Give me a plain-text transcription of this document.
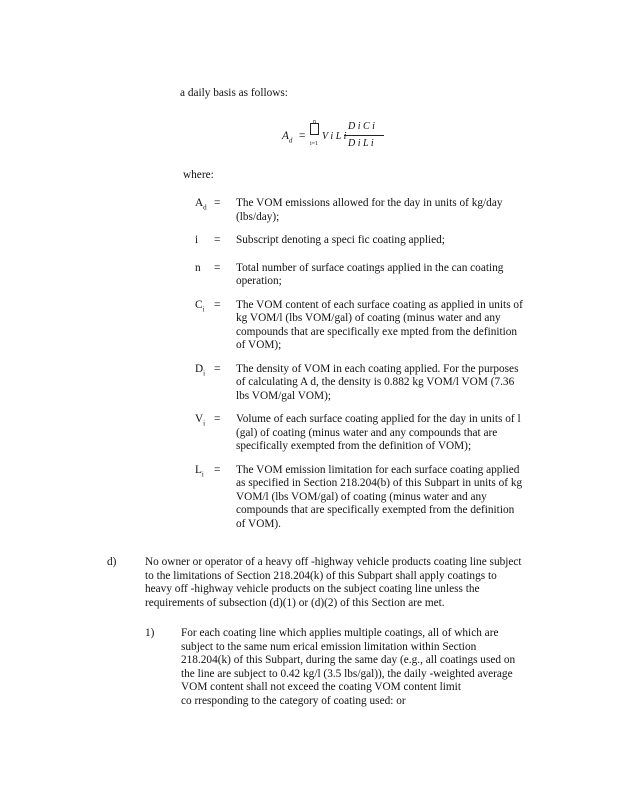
a daily basis as follows:
$A_d$ =
n
i=1
V i L i
D i C i
D i L i
where:
$A_d$ =	The VOM emissions allowed for the day in units of kg/day
(lbs/day);
i	=	Subscript denoting a speci fic coating applied;
n	=	Total number of surface coatings applied in the can coating
operation;
$C_i$ =	The VOM content of each surface coating as applied in units of
kg VOM/l (lbs VOM/gal) of coating (minus water and any
compounds that are specifically exe mpted from the definition
of VOM);
$D_i$ =	The density of VOM in each coating applied. For the purposes
of calculating A d, the density is 0.882 kg VOM/l VOM (7.36
lbs VOM/gal VOM);
$V_i$ =	Volume of each surface coating applied for the day in units of l
(gal) of coating (minus water and any compounds that are
specifically exempted from the definition of VOM);
$L_i$ =	The VOM emission limitation for each surface coating applied
as specified in Section 218.204(b) of this Subpart in units of kg
VOM/l (lbs VOM/gal) of coating (minus water and any
compounds that are specifically exempted from the definition
of VOM).
d)	No owner or operator of a heavy off -highway vehicle products coating line subject
to the limitations of Section 218.204(k) of this Subpart shall apply coatings to
heavy off -highway vehicle products on the subject coating line unless the
requirements of subsection (d)(1) or (d)(2) of this Section are met.
1) For each coating line which applies multiple coatings, all of which are
subject to the same num erical emission limitation within Section
218.204(k) of this Subpart, during the same day (e.g., all coatings used on
the line are subject to 0.42 kg/l (3.5 lbs/gal)), the daily -weighted average
VOM content shall not exceed the coating VOM content limit
co rresponding to the category of coating used: or
